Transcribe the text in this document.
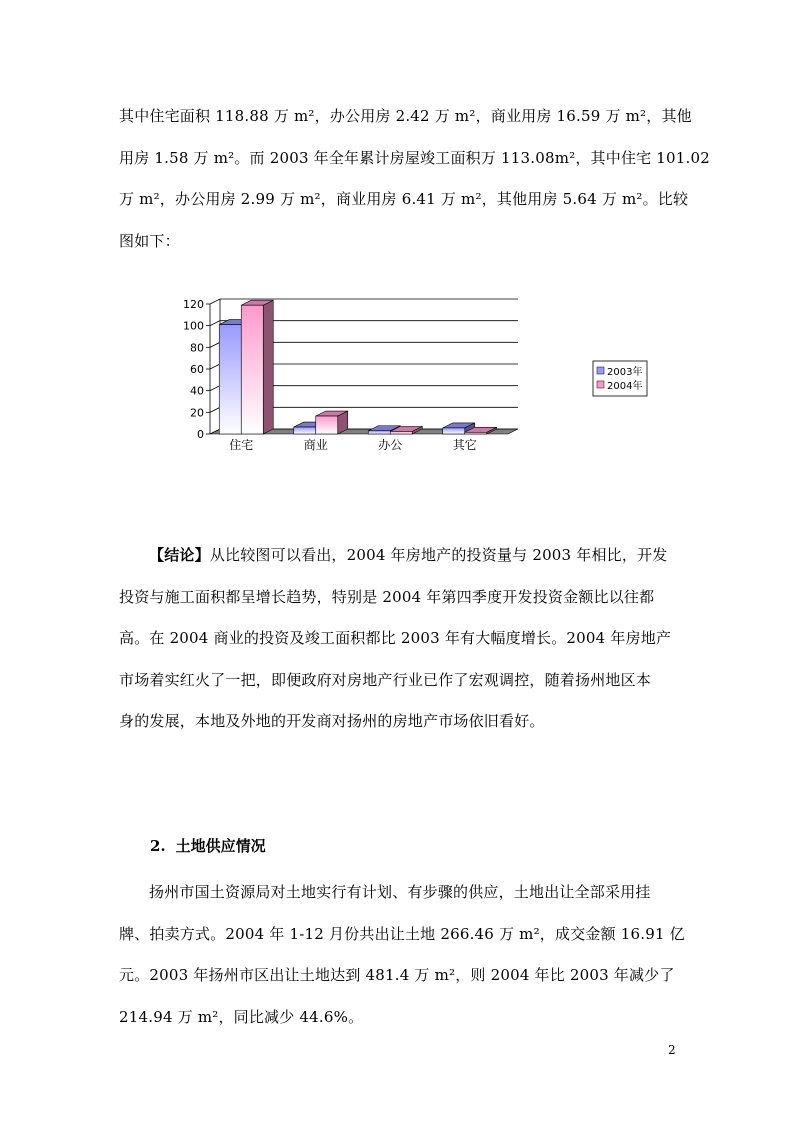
其中住宅面积 118.88 万 m²，办公用房 2.42 万 m²，商业用房 16.59 万 m²，其他

用房 1.58 万 m²。而 2003 年全年累计房屋竣工面积万 113.08m²，其中住宅 101.02

万 m²，办公用房 2.99 万 m²，商业用房 6.41 万 m²，其他用房 5.64 万 m²。比较

图如下：

0
20
40
60
80
100
120
住宅	商业	办公	其它
2003年
2004年

【结论】从比较图可以看出，2004 年房地产的投资量与 2003 年相比，开发

投资与施工面积都呈增长趋势，特别是 2004 年第四季度开发投资金额比以往都

高。在 2004 商业的投资及竣工面积都比 2003 年有大幅度增长。2004 年房地产

市场着实红火了一把，即便政府对房地产行业已作了宏观调控，随着扬州地区本

身的发展，本地及外地的开发商对扬州的房地产市场依旧看好。

2. 土地供应情况

扬州市国土资源局对土地实行有计划、有步骤的供应，土地出让全部采用挂

牌、拍卖方式。2004 年 1-12 月份共出让土地 266.46 万 m²，成交金额 16.91 亿

元。2003 年扬州市区出让土地达到 481.4 万 m²，则 2004 年比 2003 年减少了

214.94 万 m²，同比减少 44.6%。

2
